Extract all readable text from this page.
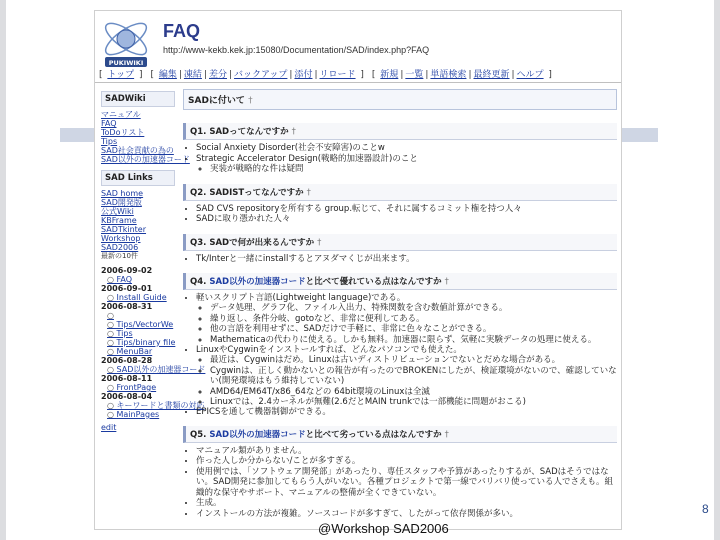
PUKIWIKI
FAQ
http://www-kekb.kek.jp:15080/Documentation/SAD/index.php?FAQ
[ トップ ] [ 編集 | 凍結 | 差分 | バックアップ | 添付 | リロード ] [ 新規 | 一覧 | 単語検索 | 最終更新 | ヘルプ ]
SADWiki
マニュアル
FAQ
ToDoリスト
Tips
SAD社会貢献の為の
SAD以外の加速器コード
SAD Links
SAD home
SAD開発版
公式Wiki
KBFrame
SADTkinter
Workshop
SAD2006
最新の10件
2006-09-02
○ FAQ
2006-09-01
○ Install Guide
2006-08-31
○
○ Tips/VectorWe
○ Tips
○ Tips/binary file
○ MenuBar
2006-08-28
○ SAD以外の加速器コード
2006-08-11
○ FrontPage
2006-08-04
○ キーワードと書類の対応
○ MainPages
edit
SADに付いて †
Q1. SADってなんですか †
• Social Anxiety Disorder(社会不安障害)のことw
• Strategic Accelerator Design(戦略的加速器設計)のこと
◦ 実装が戦略的な件は疑問
Q2. SADISTってなんですか †
• SAD CVS repositoryを所有する group.転じて、それに属するコミット権を持つ人々
• SADに取り憑かれた人々
Q3. SADで何が出来るんですか †
• Tk/Interと一緒にinstallするとアヌダマくじが出来ます。
Q4. SAD以外の加速器コードと比べて優れている点はなんですか †
• 軽いスクリプト言語(Lightweight language)である。
◦ データ処理、グラフ化、ファイル入出力、特殊関数を含む数値計算ができる。
◦ 繰り返し、条件分岐、gotoなど、非常に便利してある。
◦ 他の言語を利用せずに、SADだけで手軽に、非常に色々なことができる。
◦ Mathematicaの代わりに使える。しかも無料。加速器に限らず、気軽に実験データの処理に使える。
• LinuxやCygwinをインストールすれば、どんなパソコンでも使えた。
◦ 最近は、Cygwinはだめ。Linuxは古いディストリビューションでないとだめな場合がある。
◦ Cygwinは、正しく動かないとの報告が有ったのでBROKENにしたが、検証環境がないので、確認していない(開発環境はもう維持していない)
◦ AMD64/EM64T/x86_64などの 64bit環境のLinuxは全滅
◦ Linuxでは、2.4カーネルが無難(2.6だとMAIN trunkでは一部機能に問題がおこる)
• EPICSを通して機器制御ができる。
Q5. SAD以外の加速器コードと比べて劣っている点はなんですか †
• マニュアル類がありません。
• 作った人しか分からない/ことが多すぎる。
• 使用例では、「ソフトウェア開発部」があったり、専任スタッフや予算があったりするが、SADはそうではない。SAD開発に参加してもらう人がいない。各種プロジェクトで第一線でバリバリ使っている人でさえも。組織的な保守やサポート、マニュアルの整備が全くできていない。
• 生成。
• インストールの方法が複雑。ソースコードが多すぎて、したがって依存関係が多い。
@Workshop SAD2006
8
